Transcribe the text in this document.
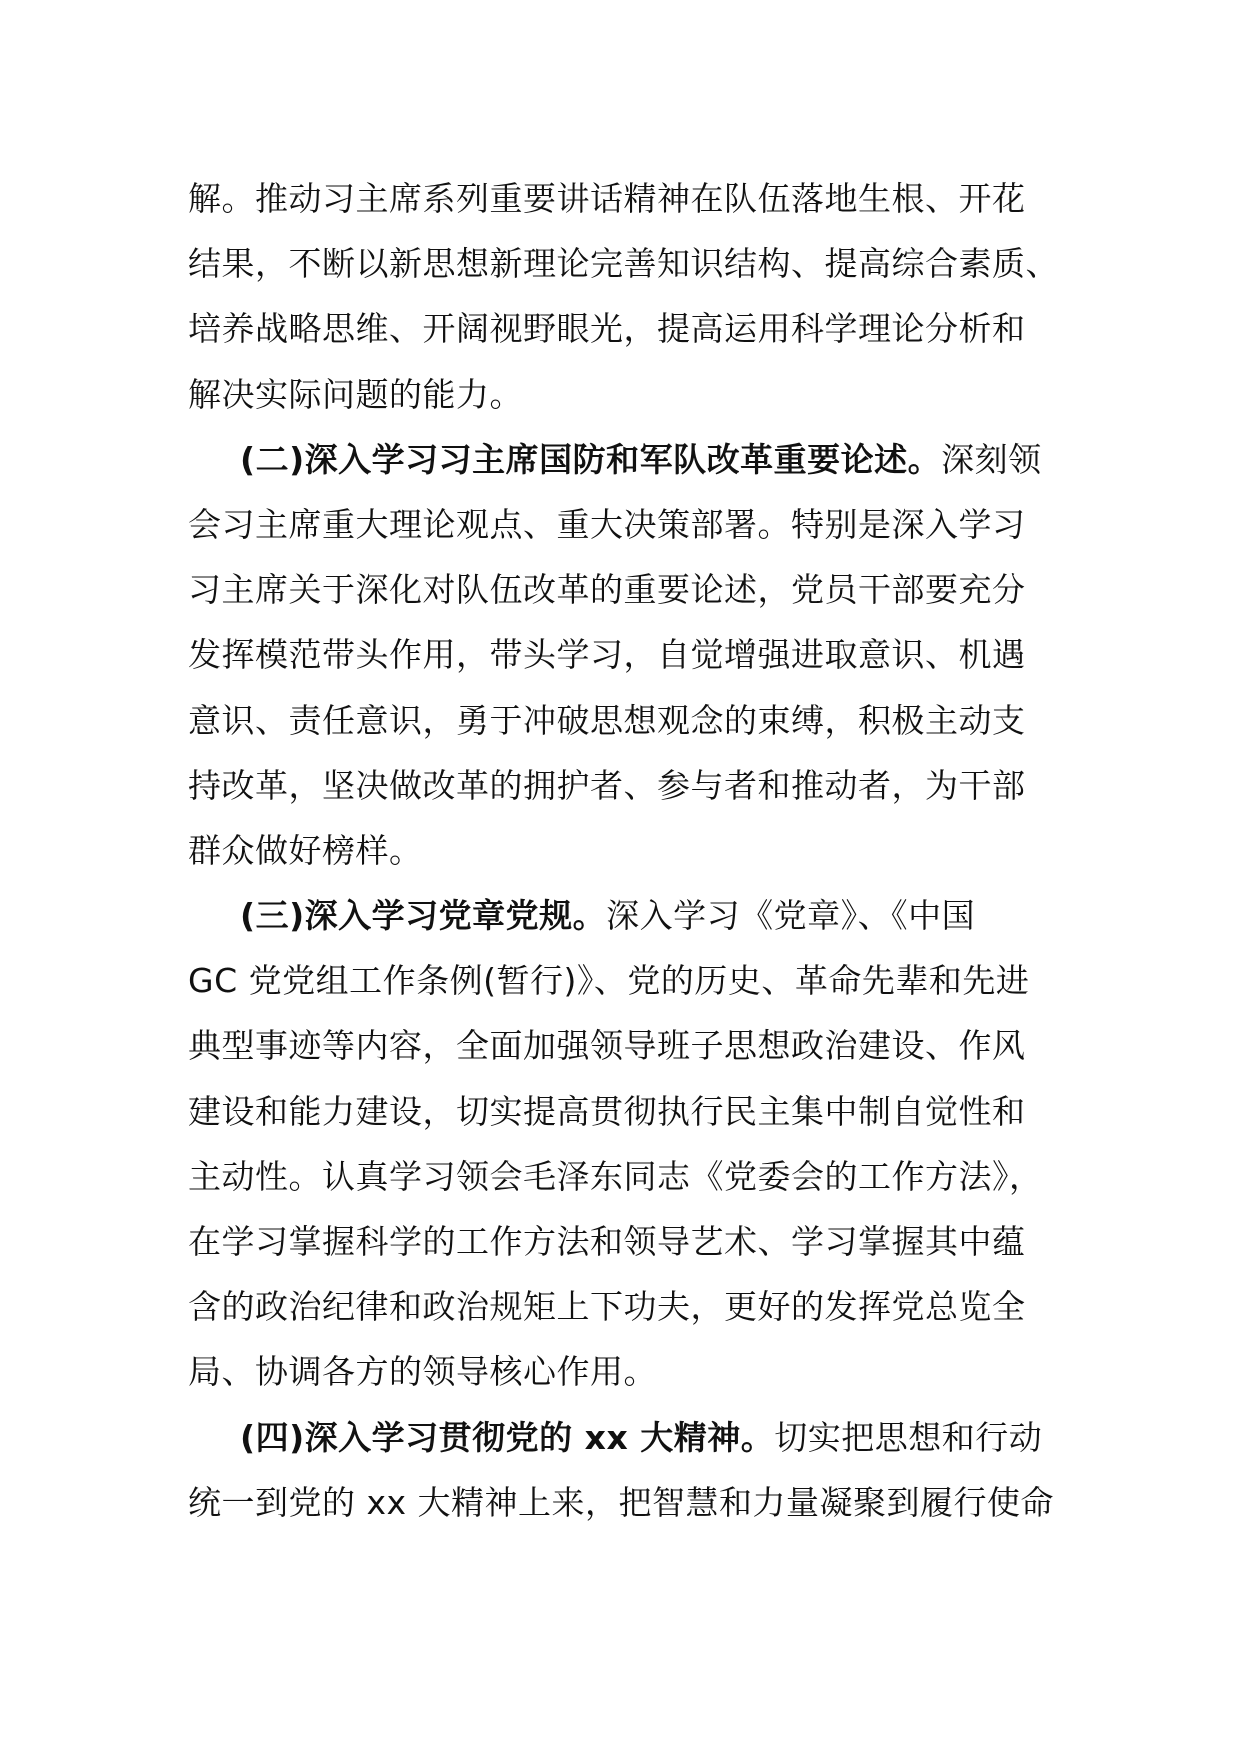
解。推动习主席系列重要讲话精神在队伍落地生根、开花
结果，不断以新思想新理论完善知识结构、提高综合素质、
培养战略思维、开阔视野眼光，提高运用科学理论分析和
解决实际问题的能力。
(二)深入学习习主席国防和军队改革重要论述。深刻领
会习主席重大理论观点、重大决策部署。特别是深入学习
习主席关于深化对队伍改革的重要论述，党员干部要充分
发挥模范带头作用，带头学习，自觉增强进取意识、机遇
意识、责任意识，勇于冲破思想观念的束缚，积极主动支
持改革，坚决做改革的拥护者、参与者和推动者，为干部
群众做好榜样。
(三)深入学习党章党规。深入学习《党章》、《中国
GC 党党组工作条例(暂行)》、党的历史、革命先辈和先进
典型事迹等内容，全面加强领导班子思想政治建设、作风
建设和能力建设，切实提高贯彻执行民主集中制自觉性和
主动性。认真学习领会毛泽东同志《党委会的工作方法》，
在学习掌握科学的工作方法和领导艺术、学习掌握其中蕴
含的政治纪律和政治规矩上下功夫，更好的发挥党总览全
局、协调各方的领导核心作用。
(四)深入学习贯彻党的 xx 大精神。切实把思想和行动
统一到党的 xx 大精神上来，把智慧和力量凝聚到履行使命
